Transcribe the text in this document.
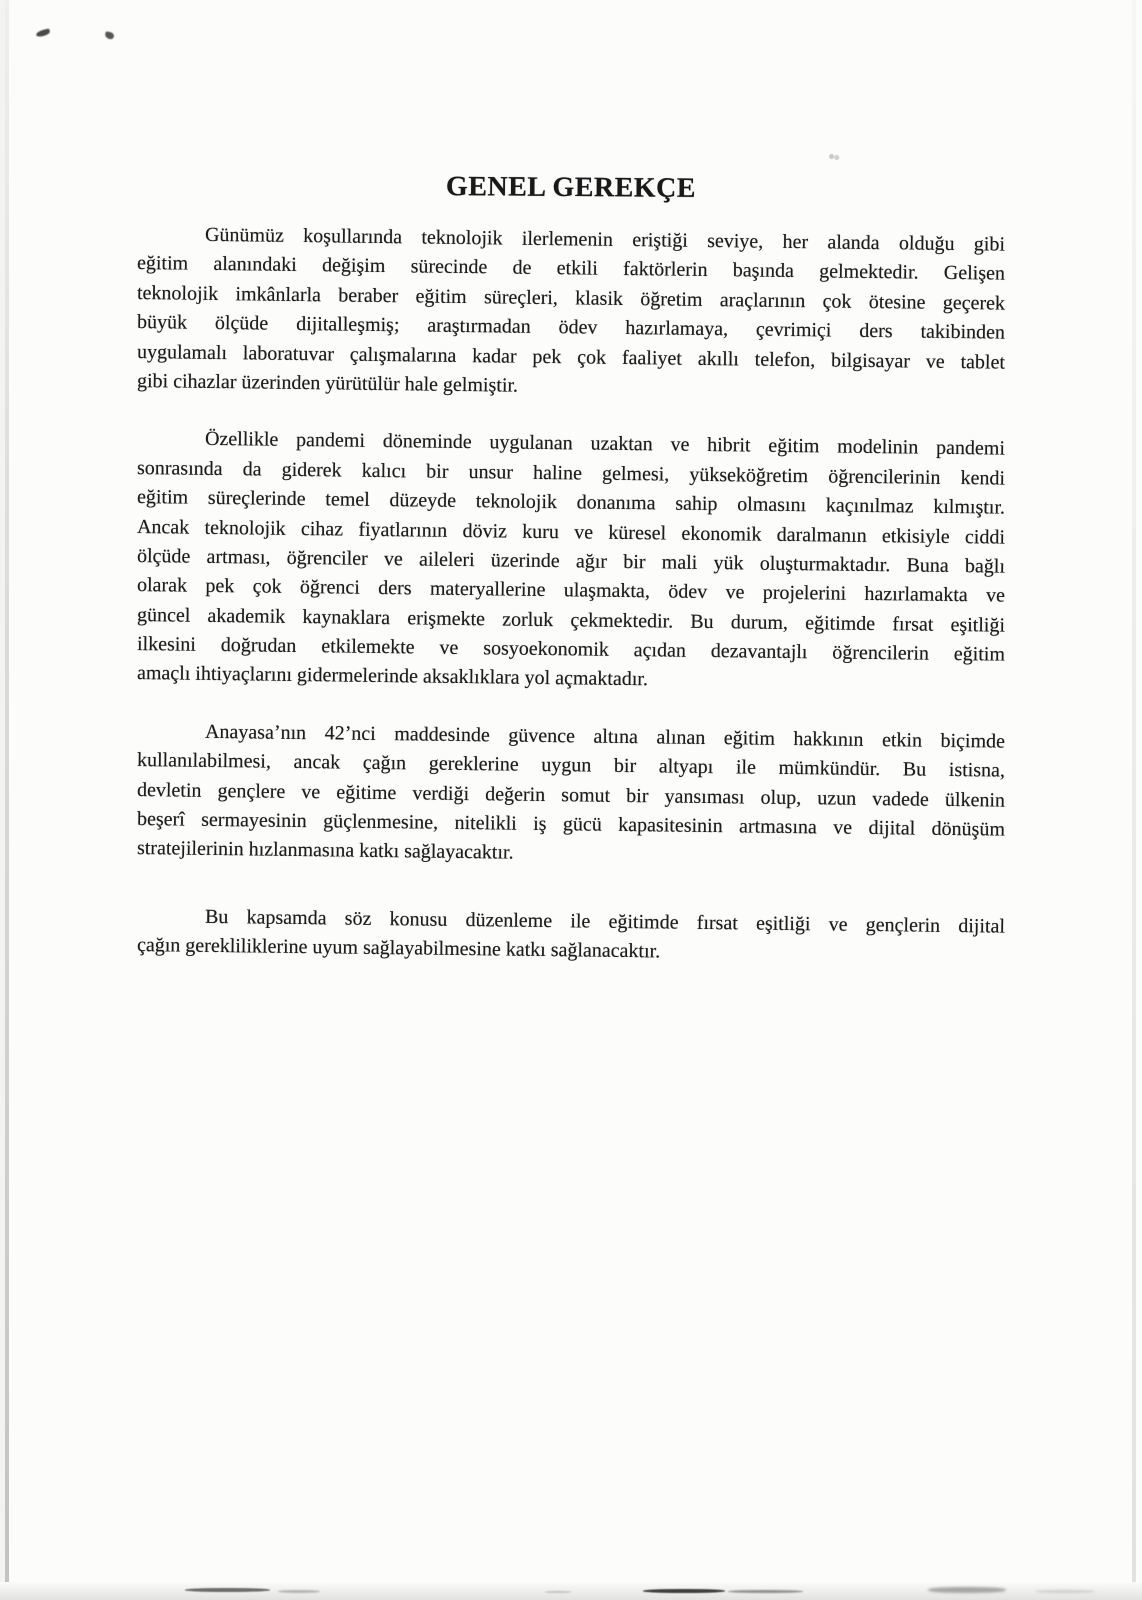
GENEL GEREKÇE
Günümüz koşullarında teknolojik ilerlemenin eriştiği seviye, her alanda olduğu gibi
eğitim alanındaki değişim sürecinde de etkili faktörlerin başında gelmektedir. Gelişen
teknolojik imkânlarla beraber eğitim süreçleri, klasik öğretim araçlarının çok ötesine geçerek
büyük ölçüde dijitalleşmiş; araştırmadan ödev hazırlamaya, çevrimiçi ders takibinden
uygulamalı laboratuvar çalışmalarına kadar pek çok faaliyet akıllı telefon, bilgisayar ve tablet
gibi cihazlar üzerinden yürütülür hale gelmiştir.
Özellikle pandemi döneminde uygulanan uzaktan ve hibrit eğitim modelinin pandemi
sonrasında da giderek kalıcı bir unsur haline gelmesi, yükseköğretim öğrencilerinin kendi
eğitim süreçlerinde temel düzeyde teknolojik donanıma sahip olmasını kaçınılmaz kılmıştır.
Ancak teknolojik cihaz fiyatlarının döviz kuru ve küresel ekonomik daralmanın etkisiyle ciddi
ölçüde artması, öğrenciler ve aileleri üzerinde ağır bir mali yük oluşturmaktadır. Buna bağlı
olarak pek çok öğrenci ders materyallerine ulaşmakta, ödev ve projelerini hazırlamakta ve
güncel akademik kaynaklara erişmekte zorluk çekmektedir. Bu durum, eğitimde fırsat eşitliği
ilkesini doğrudan etkilemekte ve sosyoekonomik açıdan dezavantajlı öğrencilerin eğitim
amaçlı ihtiyaçlarını gidermelerinde aksaklıklara yol açmaktadır.
Anayasa’nın 42’nci maddesinde güvence altına alınan eğitim hakkının etkin biçimde
kullanılabilmesi, ancak çağın gereklerine uygun bir altyapı ile mümkündür. Bu istisna,
devletin gençlere ve eğitime verdiği değerin somut bir yansıması olup, uzun vadede ülkenin
beşerî sermayesinin güçlenmesine, nitelikli iş gücü kapasitesinin artmasına ve dijital dönüşüm
stratejilerinin hızlanmasına katkı sağlayacaktır.
Bu kapsamda söz konusu düzenleme ile eğitimde fırsat eşitliği ve gençlerin dijital
çağın gerekliliklerine uyum sağlayabilmesine katkı sağlanacaktır.
